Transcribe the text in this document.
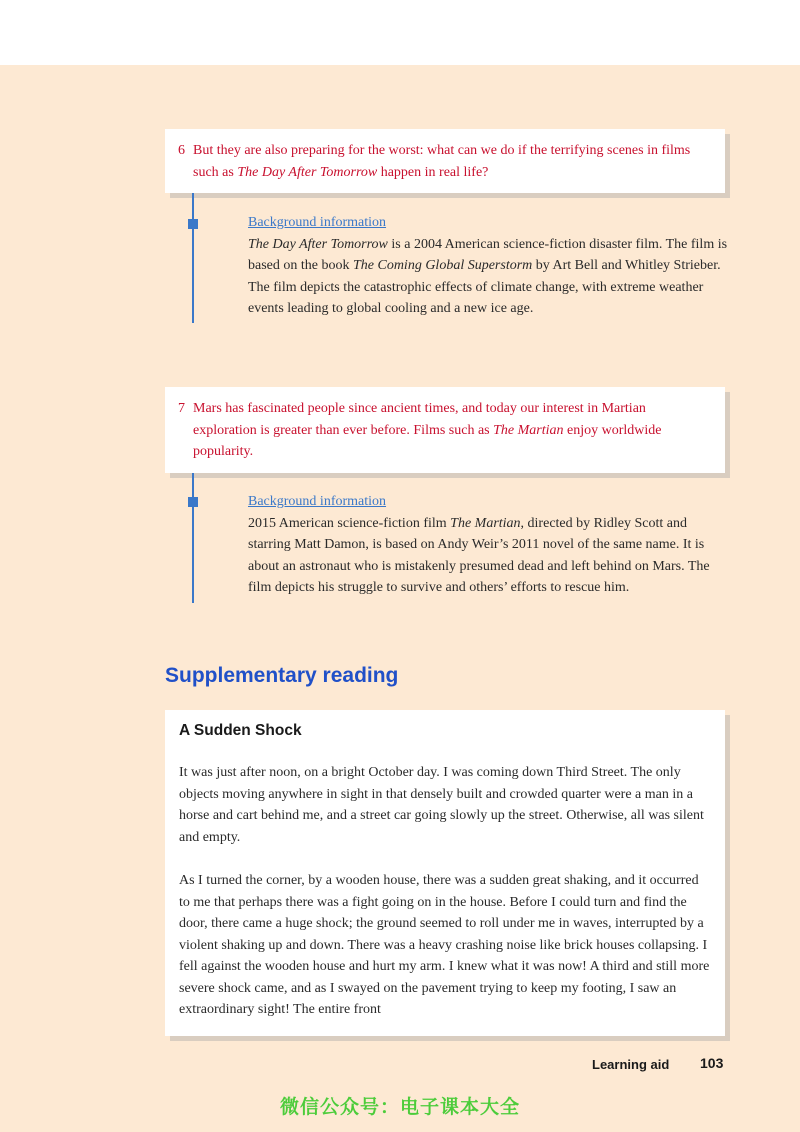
6 But they are also preparing for the worst: what can we do if the terrifying scenes in films such as The Day After Tomorrow happen in real life?
Background information
The Day After Tomorrow is a 2004 American science-fiction disaster film. The film is based on the book The Coming Global Superstorm by Art Bell and Whitley Strieber. The film depicts the catastrophic effects of climate change, with extreme weather events leading to global cooling and a new ice age.
7 Mars has fascinated people since ancient times, and today our interest in Martian exploration is greater than ever before. Films such as The Martian enjoy worldwide popularity.
Background information
2015 American science-fiction film The Martian, directed by Ridley Scott and starring Matt Damon, is based on Andy Weir’s 2011 novel of the same name. It is about an astronaut who is mistakenly presumed dead and left behind on Mars. The film depicts his struggle to survive and others’ efforts to rescue him.
Supplementary reading
A Sudden Shock

It was just after noon, on a bright October day. I was coming down Third Street. The only objects moving anywhere in sight in that densely built and crowded quarter were a man in a horse and cart behind me, and a street car going slowly up the street. Otherwise, all was silent and empty.

As I turned the corner, by a wooden house, there was a sudden great shaking, and it occurred to me that perhaps there was a fight going on in the house. Before I could turn and find the door, there came a huge shock; the ground seemed to roll under me in waves, interrupted by a violent shaking up and down. There was a heavy crashing noise like brick houses collapsing. I fell against the wooden house and hurt my arm. I knew what it was now! A third and still more severe shock came, and as I swayed on the pavement trying to keep my footing, I saw an extraordinary sight! The entire front

Learning aid 103
微信公众号：电子课本大全
